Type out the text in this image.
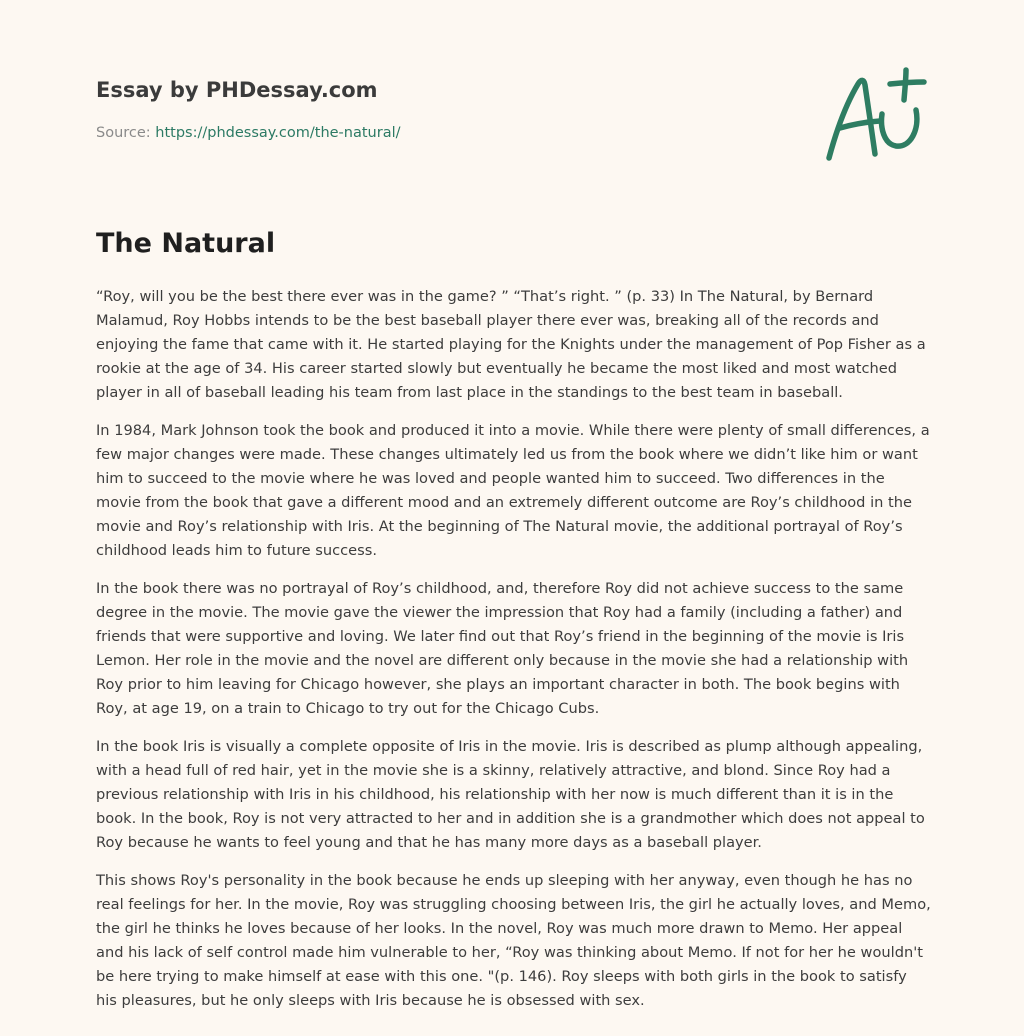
Essay by PHDessay.com
Source: https://phdessay.com/the-natural/
The Natural

“Roy, will you be the best there ever was in the game? ” “That’s right. ” (p. 33) In The Natural, by Bernard Malamud, Roy Hobbs intends to be the best baseball player there ever was, breaking all of the records and enjoying the fame that came with it. He started playing for the Knights under the management of Pop Fisher as a rookie at the age of 34. His career started slowly but eventually he became the most liked and most watched player in all of baseball leading his team from last place in the standings to the best team in baseball.

In 1984, Mark Johnson took the book and produced it into a movie. While there were plenty of small differences, a few major changes were made. These changes ultimately led us from the book where we didn’t like him or want him to succeed to the movie where he was loved and people wanted him to succeed. Two differences in the movie from the book that gave a different mood and an extremely different outcome are Roy’s childhood in the movie and Roy’s relationship with Iris. At the beginning of The Natural movie, the additional portrayal of Roy’s childhood leads him to future success.

In the book there was no portrayal of Roy’s childhood, and, therefore Roy did not achieve success to the same degree in the movie. The movie gave the viewer the impression that Roy had a family (including a father) and friends that were supportive and loving. We later find out that Roy’s friend in the beginning of the movie is Iris Lemon. Her role in the movie and the novel are different only because in the movie she had a relationship with Roy prior to him leaving for Chicago however, she plays an important character in both. The book begins with Roy, at age 19, on a train to Chicago to try out for the Chicago Cubs.

In the book Iris is visually a complete opposite of Iris in the movie. Iris is described as plump although appealing, with a head full of red hair, yet in the movie she is a skinny, relatively attractive, and blond. Since Roy had a previous relationship with Iris in his childhood, his relationship with her now is much different than it is in the book. In the book, Roy is not very attracted to her and in addition she is a grandmother which does not appeal to Roy because he wants to feel young and that he has many more days as a baseball player.

This shows Roy's personality in the book because he ends up sleeping with her anyway, even though he has no real feelings for her. In the movie, Roy was struggling choosing between Iris, the girl he actually loves, and Memo, the girl he thinks he loves because of her looks. In the novel, Roy was much more drawn to Memo. Her appeal and his lack of self control made him vulnerable to her, “Roy was thinking about Memo. If not for her he wouldn't be here trying to make himself at ease with this one. "(p. 146). Roy sleeps with both girls in the book to satisfy his pleasures, but he only sleeps with Iris because he is obsessed with sex.
